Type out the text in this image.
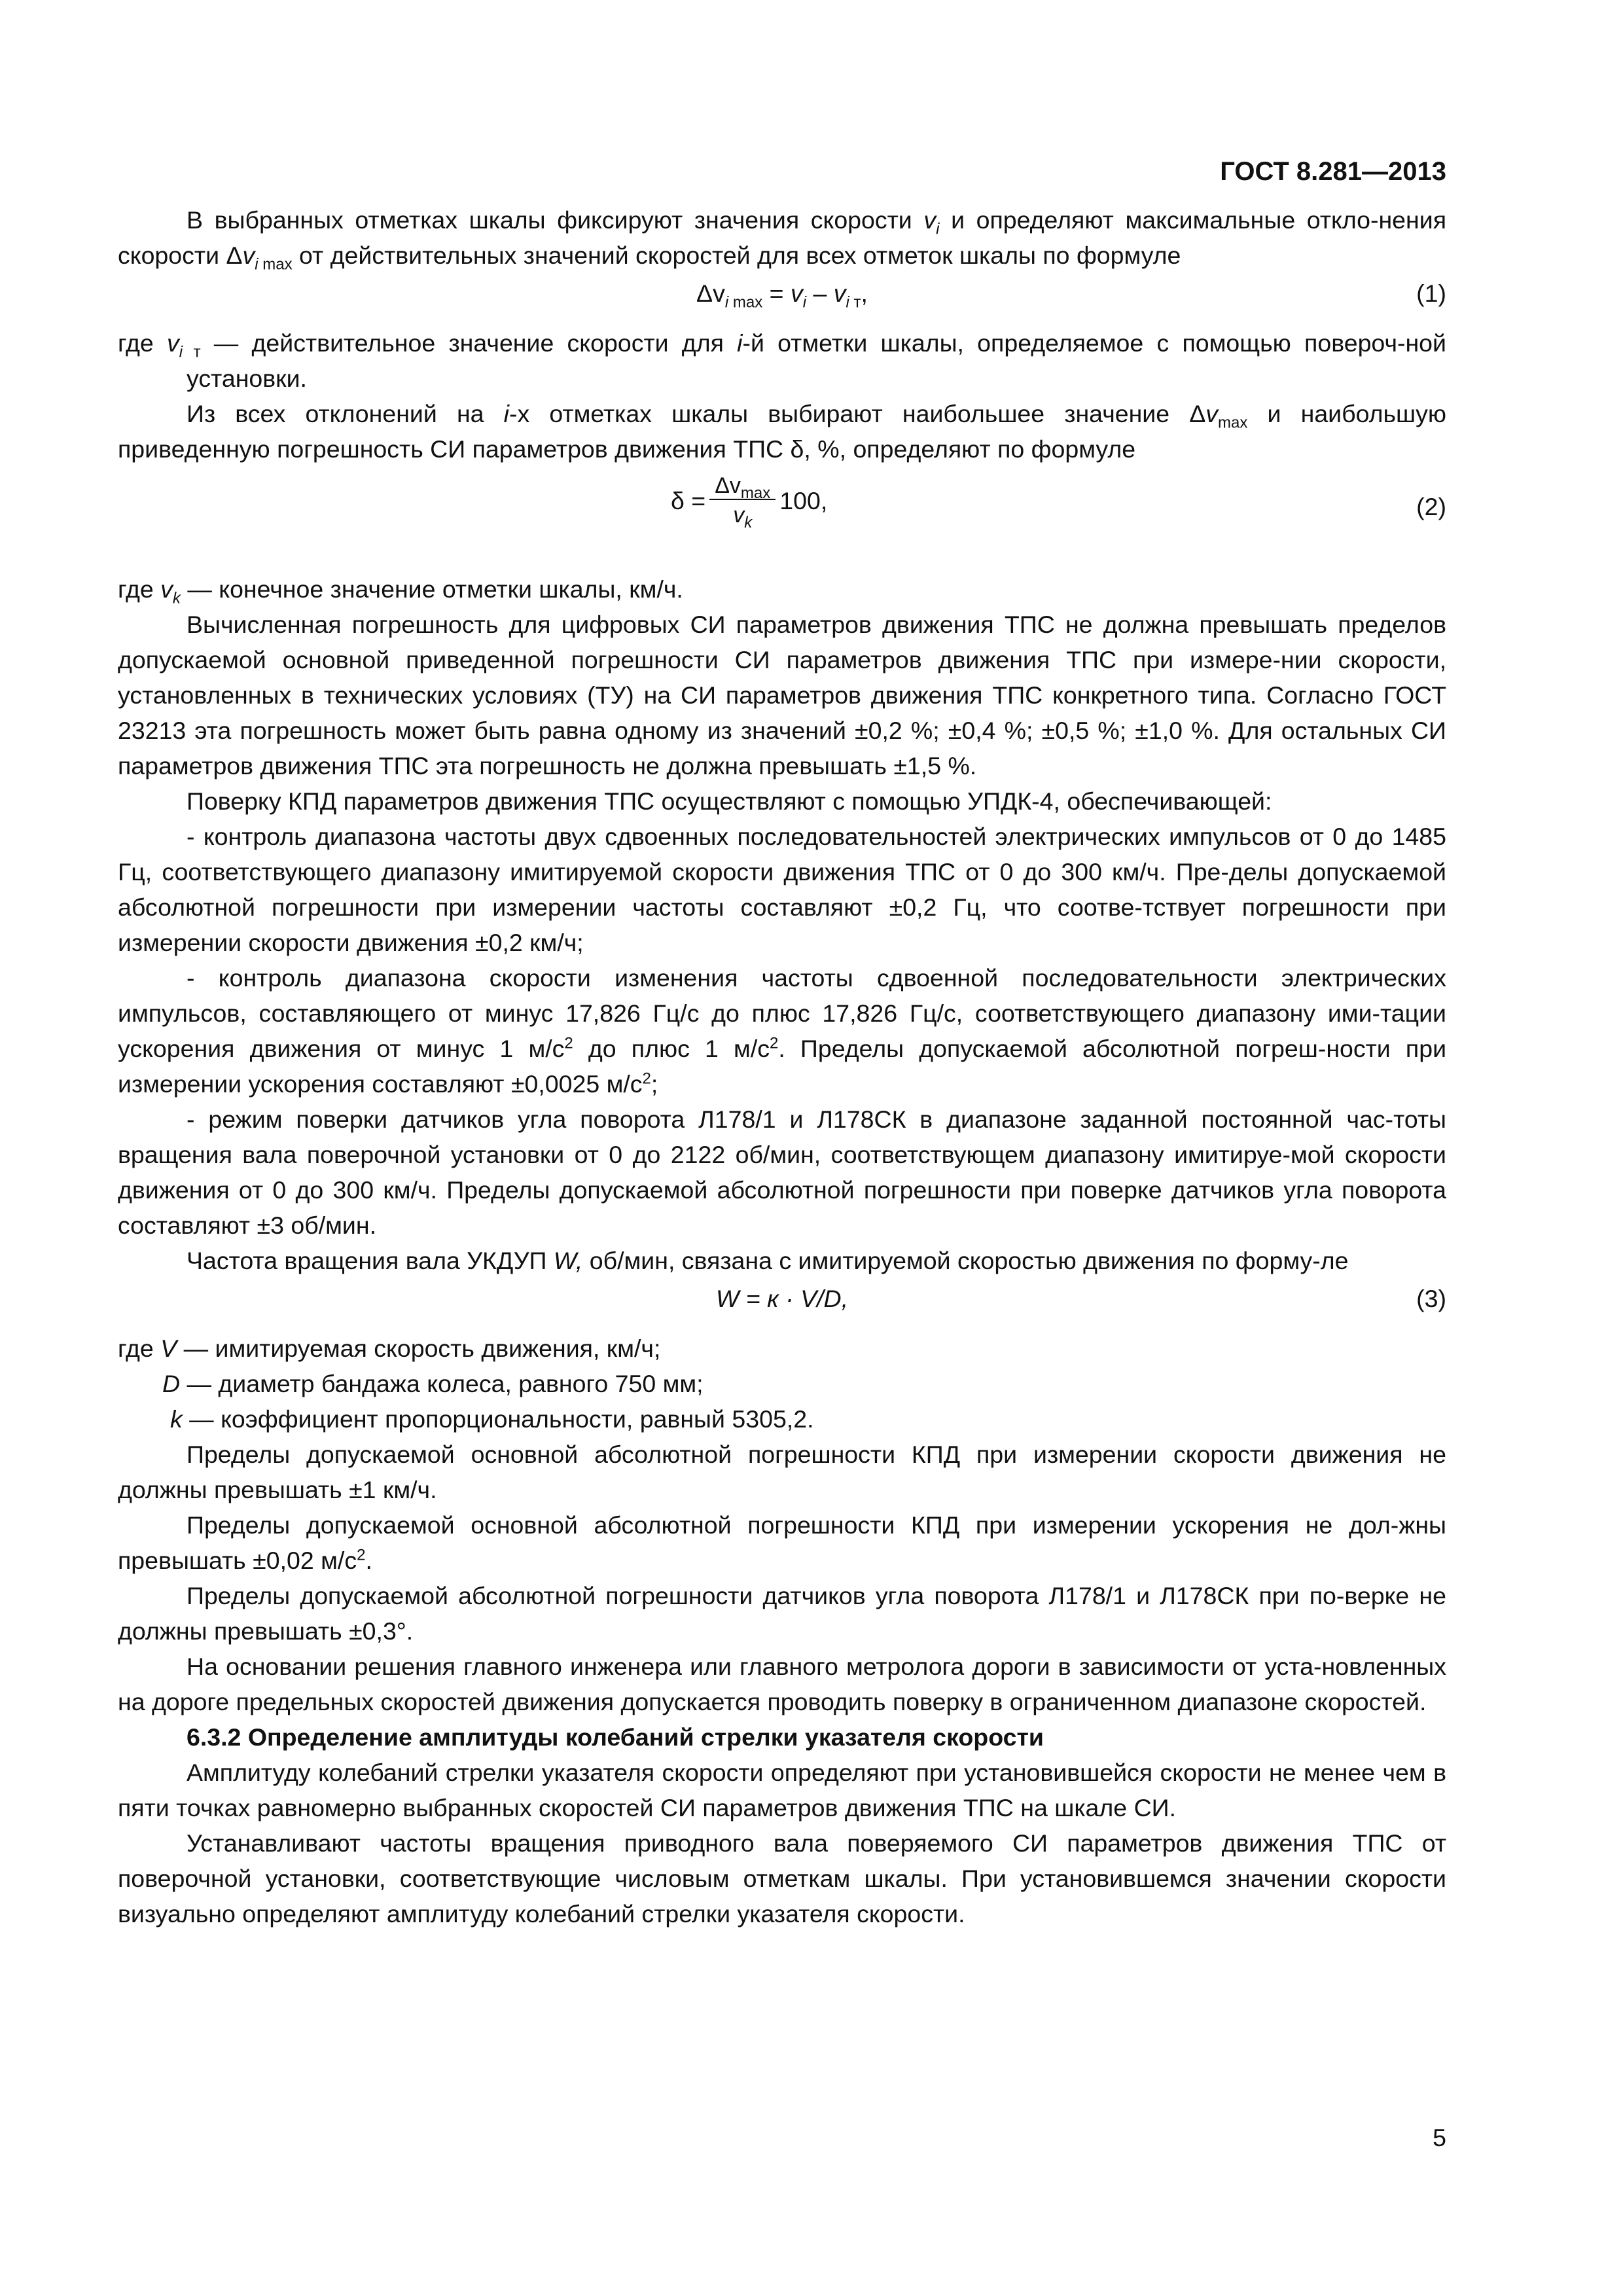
ГОСТ 8.281—2013

В выбранных отметках шкалы фиксируют значения скорости $v_i$ и определяют максимальные откло-нения скорости $\Delta v_{i max}$ от действительных значений скоростей для всех отметок шкалы по формуле

$\Delta v_{i max} = v_i - v_{i т}$,	(1)

где $v_{i т}$ — действительное значение скорости для i-й отметки шкалы, определяемое с помощью повероч-ной установки.

Из всех отклонений на i-х отметках шкалы выбирают наибольшее значение $\Delta v_{max}$ и наибольшую приведенную погрешность СИ параметров движения ТПС δ, %, определяют по формуле

δ =
$\Delta v_{max}$
$v_k$
100,	(2)

где $v_k$ — конечное значение отметки шкалы, км/ч.

Вычисленная погрешность для цифровых СИ параметров движения ТПС не должна превышать пределов допускаемой основной приведенной погрешности СИ параметров движения ТПС при измере-нии скорости, установленных в технических условиях (ТУ) на СИ параметров движения ТПС конкретного типа. Согласно ГОСТ 23213 эта погрешность может быть равна одному из значений ±0,2 %; ±0,4 %; ±0,5 %; ±1,0 %. Для остальных СИ параметров движения ТПС эта погрешность не должна превышать ±1,5 %.

Поверку КПД параметров движения ТПС осуществляют с помощью УПДК-4, обеспечивающей:

- контроль диапазона частоты двух сдвоенных последовательностей электрических импульсов от 0 до 1485 Гц, соответствующего диапазону имитируемой скорости движения ТПС от 0 до 300 км/ч. Пре-делы допускаемой абсолютной погрешности при измерении частоты составляют ±0,2 Гц, что соотве-тствует погрешности при измерении скорости движения ±0,2 км/ч;

- контроль диапазона скорости изменения частоты сдвоенной последовательности электрических импульсов, составляющего от минус 17,826 Гц/с до плюс 17,826 Гц/с, соответствующего диапазону ими-тации ускорения движения от минус 1 $м/с^2$ до плюс 1 $м/с^2$. Пределы допускаемой абсолютной погреш-ности при измерении ускорения составляют ±0,0025 $м/с^2$;

- режим поверки датчиков угла поворота Л178/1 и Л178СК в диапазоне заданной постоянной час-тоты вращения вала поверочной установки от 0 до 2122 об/мин, соответствующем диапазону имитируе-мой скорости движения от 0 до 300 км/ч. Пределы допускаемой абсолютной погрешности при поверке датчиков угла поворота составляют ±3 об/мин.

Частота вращения вала УКДУП W, об/мин, связана с имитируемой скоростью движения по форму-ле

W = к · V/D,	(3)

где V — имитируемая скорость движения, км/ч;

D — диаметр бандажа колеса, равного 750 мм;

k — коэффициент пропорциональности, равный 5305,2.

Пределы допускаемой основной абсолютной погрешности КПД при измерении скорости движения не должны превышать ±1 км/ч.

Пределы допускаемой основной абсолютной погрешности КПД при измерении ускорения не дол-жны превышать ±0,02 $м/с^2$.

Пределы допускаемой абсолютной погрешности датчиков угла поворота Л178/1 и Л178СК при по-верке не должны превышать ±0,3°.

На основании решения главного инженера или главного метролога дороги в зависимости от уста-новленных на дороге предельных скоростей движения допускается проводить поверку в ограниченном диапазоне скоростей.

6.3.2 Определение амплитуды колебаний стрелки указателя скорости

Амплитуду колебаний стрелки указателя скорости определяют при установившейся скорости не менее чем в пяти точках равномерно выбранных скоростей СИ параметров движения ТПС на шкале СИ.

Устанавливают частоты вращения приводного вала поверяемого СИ параметров движения ТПС от поверочной установки, соответствующие числовым отметкам шкалы. При установившемся значении скорости визуально определяют амплитуду колебаний стрелки указателя скорости.

5
